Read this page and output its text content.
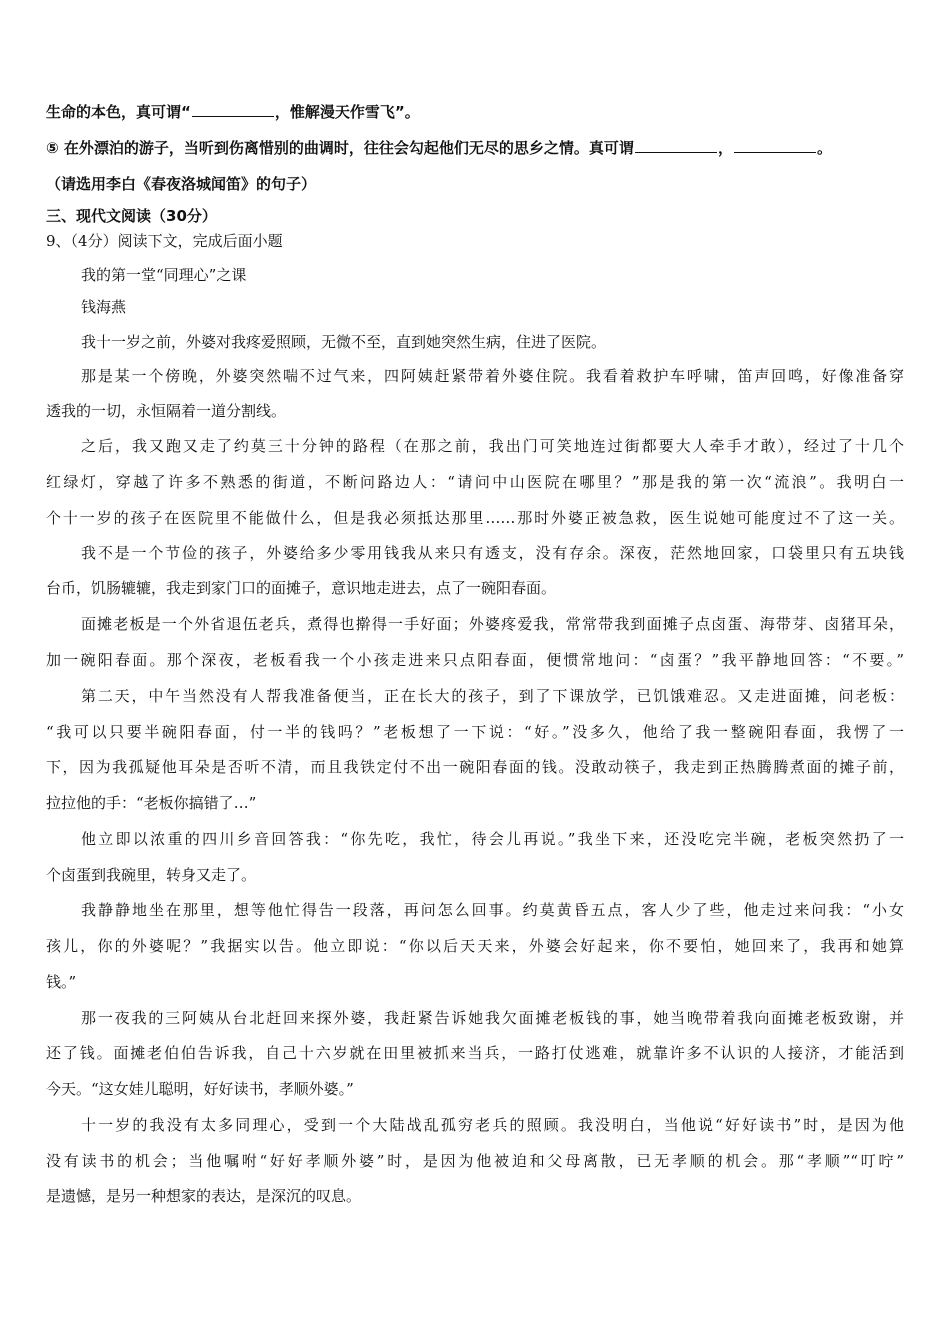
生命的本色，真可谓“	，惟解漫天作雪飞”。
⑤ 在外漂泊的游子，当听到伤离惜别的曲调时，往往会勾起他们无尽的思乡之情。真可谓	，	。
（请选用李白《春夜洛城闻笛》的句子）
三、现代文阅读（30分）
9、（4分）阅读下文，完成后面小题
我的第一堂“同理心”之课
钱海燕
我十一岁之前，外婆对我疼爱照顾，无微不至，直到她突然生病，住进了医院。
那是某一个傍晚，外婆突然喘不过气来，四阿姨赶紧带着外婆住院。我看着救护车呼啸，笛声回鸣，好像准备穿
透我的一切，永恒隔着一道分割线。
之后，我又跑又走了约莫三十分钟的路程（在那之前，我出门可笑地连过街都要大人牵手才敢），经过了十几个
红绿灯，穿越了许多不熟悉的街道，不断问路边人：“请问中山医院在哪里？”那是我的第一次“流浪”。我明白一
个十一岁的孩子在医院里不能做什么，但是我必须抵达那里……那时外婆正被急救，医生说她可能度过不了这一关。
我不是一个节俭的孩子，外婆给多少零用钱我从来只有透支，没有存余。深夜，茫然地回家，口袋里只有五块钱
台币，饥肠辘辘，我走到家门口的面摊子，意识地走进去，点了一碗阳春面。
面摊老板是一个外省退伍老兵，煮得也擀得一手好面；外婆疼爱我，常常带我到面摊子点卤蛋、海带芽、卤猪耳朵，
加一碗阳春面。那个深夜，老板看我一个小孩走进来只点阳春面，便惯常地问：“卤蛋？”我平静地回答：“不要。”
第二天，中午当然没有人帮我准备便当，正在长大的孩子，到了下课放学，已饥饿难忍。又走进面摊，问老板：
“我可以只要半碗阳春面，付一半的钱吗？”老板想了一下说：“好。”没多久，他给了我一整碗阳春面，我愣了一
下，因为我孤疑他耳朵是否听不清，而且我铁定付不出一碗阳春面的钱。没敢动筷子，我走到正热腾腾煮面的摊子前，
拉拉他的手：“老板你搞错了…”
他立即以浓重的四川乡音回答我：“你先吃，我忙，待会儿再说。”我坐下来，还没吃完半碗，老板突然扔了一
个卤蛋到我碗里，转身又走了。
我静静地坐在那里，想等他忙得告一段落，再问怎么回事。约莫黄昏五点，客人少了些，他走过来问我：“小女
孩儿，你的外婆呢？”我据实以告。他立即说：“你以后天天来，外婆会好起来，你不要怕，她回来了，我再和她算
钱。”
那一夜我的三阿姨从台北赶回来探外婆，我赶紧告诉她我欠面摊老板钱的事，她当晚带着我向面摊老板致谢，并
还了钱。面摊老伯伯告诉我，自己十六岁就在田里被抓来当兵，一路打仗逃难，就靠许多不认识的人接济，才能活到
今天。“这女娃儿聪明，好好读书，孝顺外婆。”
十一岁的我没有太多同理心，受到一个大陆战乱孤穷老兵的照顾。我没明白，当他说“好好读书”时，是因为他
没有读书的机会；当他嘱咐“好好孝顺外婆”时，是因为他被迫和父母离散，已无孝顺的机会。那“孝顺”“叮咛”
是遗憾，是另一种想家的表达，是深沉的叹息。
